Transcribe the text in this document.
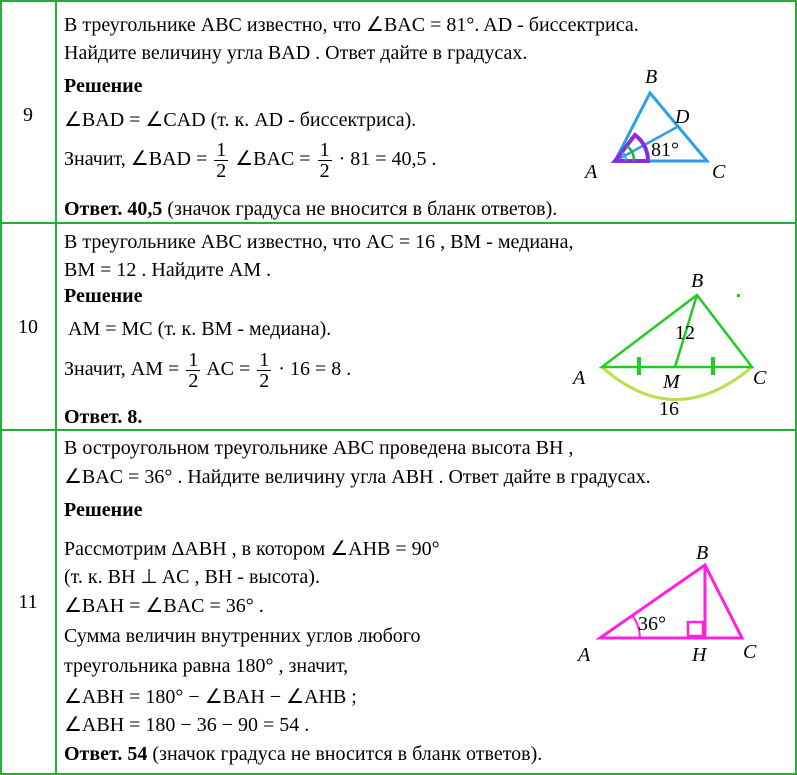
9
В треугольнике ABC известно, что ∠BAC = 81°. AD - биссектриса.
Найдите величину угла BAD . Ответ дайте в градусах.
Решение
∠BAD = ∠CAD (т. к. AD - биссектриса).
Значит, ∠BAD = $\frac{1}{2}$ ∠BAC = $\frac{1}{2} \cdot 81 = 40,5$ .
Ответ. 40,5 (значок градуса не вносится в бланк ответов).
B
D
A	C
81°
10
В треугольнике ABC известно, что AC = 16 , BM - медиана,
BM = 12 . Найдите AM .
Решение
AM = MC (т. к. BM - медиана).
Значит, AM = $\frac{1}{2}$ AC = $\frac{1}{2} \cdot 16 = 8$ .
Ответ. 8.
B
A	C
M
12
16
11
В остроугольном треугольнике ABC проведена высота BH ,
∠BAC = 36° . Найдите величину угла ABH . Ответ дайте в градусах.
Решение
Рассмотрим ΔABH , в котором ∠AHB = 90°
(т. к. BH ⊥ AC , BH - высота).
∠BAH = ∠BAC = 36° .
Сумма величин внутренних углов любого
треугольника равна 180° , значит,
∠ABH = 180° − ∠BAH − ∠AHB ;
∠ABH = 180 − 36 − 90 = 54 .
Ответ. 54 (значок градуса не вносится в бланк ответов).
B
A	C
H
36°
